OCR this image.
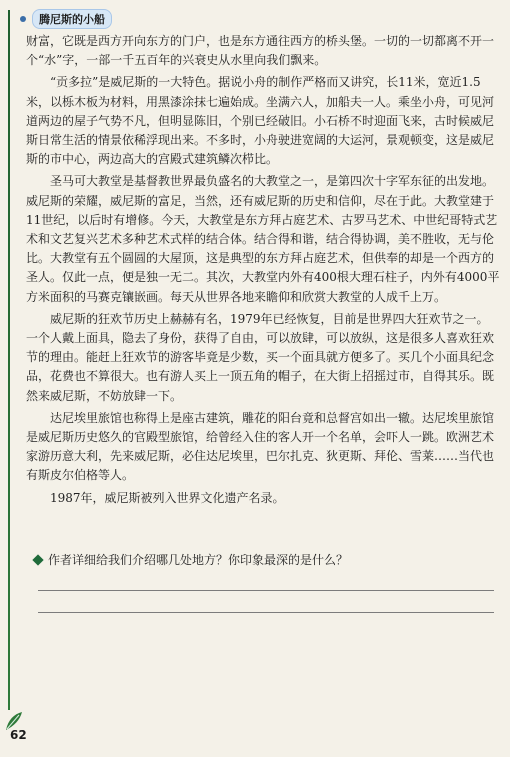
腾尼斯的小船

财富，它既是西方开向东方的门户，也是东方通往西方的桥头堡。一切的一切都离不开一个“水”字，一部一千五百年的兴衰史从水里向我们飘来。

“贡多拉”是威尼斯的一大特色。据说小舟的制作严格而又讲究，长11米，宽近1.5米，以栎木板为材料，用黑漆涂抹七遍始成。坐满六人，加船夫一人。乘坐小舟，可见河道两边的屋子气势不凡，但明显陈旧，个别已经破旧。小石桥不时迎面飞来，古时候威尼斯日常生活的情景依稀浮现出来。不多时，小舟驶进宽阔的大运河，景观顿变，这是威尼斯的市中心，两边高大的宫殿式建筑鳞次栉比。

圣马可大教堂是基督教世界最负盛名的大教堂之一，是第四次十字军东征的出发地。威尼斯的荣耀，威尼斯的富足，当然，还有威尼斯的历史和信仰，尽在于此。大教堂建于11世纪，以后时有增修。今天，大教堂是东方拜占庭艺术、古罗马艺术、中世纪哥特式艺术和文艺复兴艺术多种艺术式样的结合体。结合得和谐，结合得协调，美不胜收，无与伦比。大教堂有五个圆圆的大屋顶，这是典型的东方拜占庭艺术，但供奉的却是一个西方的圣人。仅此一点，便是独一无二。其次，大教堂内外有400根大理石柱子，内外有4000平方米面积的马赛克镶嵌画。每天从世界各地来瞻仰和欣赏大教堂的人成千上万。

威尼斯的狂欢节历史上赫赫有名，1979年已经恢复，目前是世界四大狂欢节之一。一个人戴上面具，隐去了身份，获得了自由，可以放肆，可以放纵，这是很多人喜欢狂欢节的理由。能赶上狂欢节的游客毕竟是少数，买一个面具就方便多了。买几个小面具纪念品，花费也不算很大。也有游人买上一顶五角的帽子，在大街上招摇过市，自得其乐。既然来威尼斯，不妨放肆一下。

达尼埃里旅馆也称得上是座古建筑，雕花的阳台竟和总督宫如出一辙。达尼埃里旅馆是威尼斯历史悠久的官殿型旅馆，给曾经入住的客人开一个名单，会吓人一跳。欧洲艺术家游历意大利，先来威尼斯，必住达尼埃里，巴尔扎克、狄更斯、拜伦、雪莱……当代也有斯皮尔伯格等人。

1987年，威尼斯被列入世界文化遗产名录。

作者详细给我们介绍哪几处地方？你印象最深的是什么？
62
